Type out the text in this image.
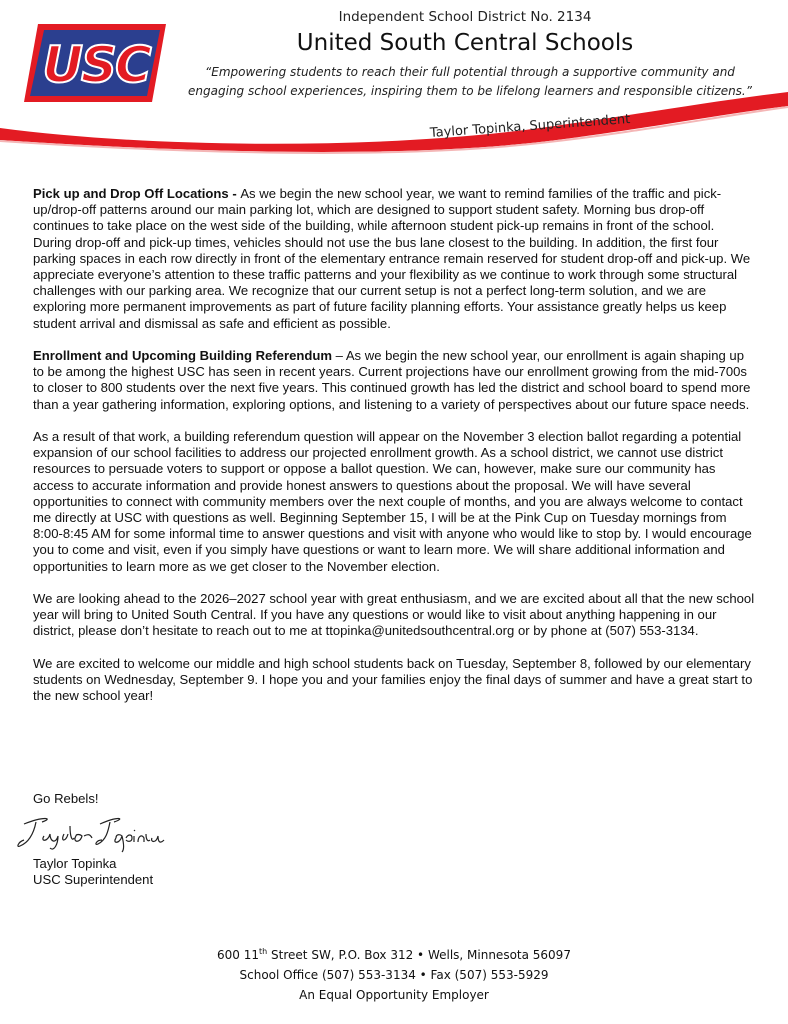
USC
Independent School District No. 2134
United South Central Schools
“Empowering students to reach their full potential through a supportive community and engaging school experiences, inspiring them to be lifelong learners and responsible citizens.”
Taylor Topinka, Superintendent

Pick up and Drop Off Locations - As we begin the new school year, we want to remind families of the traffic and pick-up/drop-off patterns around our main parking lot, which are designed to support student safety. Morning bus drop-off continues to take place on the west side of the building, while afternoon student pick-up remains in front of the school. During drop-off and pick-up times, vehicles should not use the bus lane closest to the building. In addition, the first four parking spaces in each row directly in front of the elementary entrance remain reserved for student drop-off and pick-up. We appreciate everyone’s attention to these traffic patterns and your flexibility as we continue to work through some structural challenges with our parking area. We recognize that our current setup is not a perfect long-term solution, and we are exploring more permanent improvements as part of future facility planning efforts. Your assistance greatly helps us keep student arrival and dismissal as safe and efficient as possible.

Enrollment and Upcoming Building Referendum – As we begin the new school year, our enrollment is again shaping up to be among the highest USC has seen in recent years. Current projections have our enrollment growing from the mid-700s to closer to 800 students over the next five years. This continued growth has led the district and school board to spend more than a year gathering information, exploring options, and listening to a variety of perspectives about our future space needs.

As a result of that work, a building referendum question will appear on the November 3 election ballot regarding a potential expansion of our school facilities to address our projected enrollment growth. As a school district, we cannot use district resources to persuade voters to support or oppose a ballot question. We can, however, make sure our community has access to accurate information and provide honest answers to questions about the proposal. We will have several opportunities to connect with community members over the next couple of months, and you are always welcome to contact me directly at USC with questions as well. Beginning September 15, I will be at the Pink Cup on Tuesday mornings from 8:00-8:45 AM for some informal time to answer questions and visit with anyone who would like to stop by. I would encourage you to come and visit, even if you simply have questions or want to learn more. We will share additional information and opportunities to learn more as we get closer to the November election.

We are looking ahead to the 2026–2027 school year with great enthusiasm, and we are excited about all that the new school year will bring to United South Central. If you have any questions or would like to visit about anything happening in our district, please don’t hesitate to reach out to me at ttopinka@unitedsouthcentral.org or by phone at (507) 553-3134.

We are excited to welcome our middle and high school students back on Tuesday, September 8, followed by our elementary students on Wednesday, September 9. I hope you and your families enjoy the final days of summer and have a great start to the new school year!

Go Rebels!
Taylor Topinka
Taylor Topinka
USC Superintendent
600 11th Street SW, P.O. Box 312 • Wells, Minnesota 56097
School Office (507) 553-3134 • Fax (507) 553-5929
An Equal Opportunity Employer
